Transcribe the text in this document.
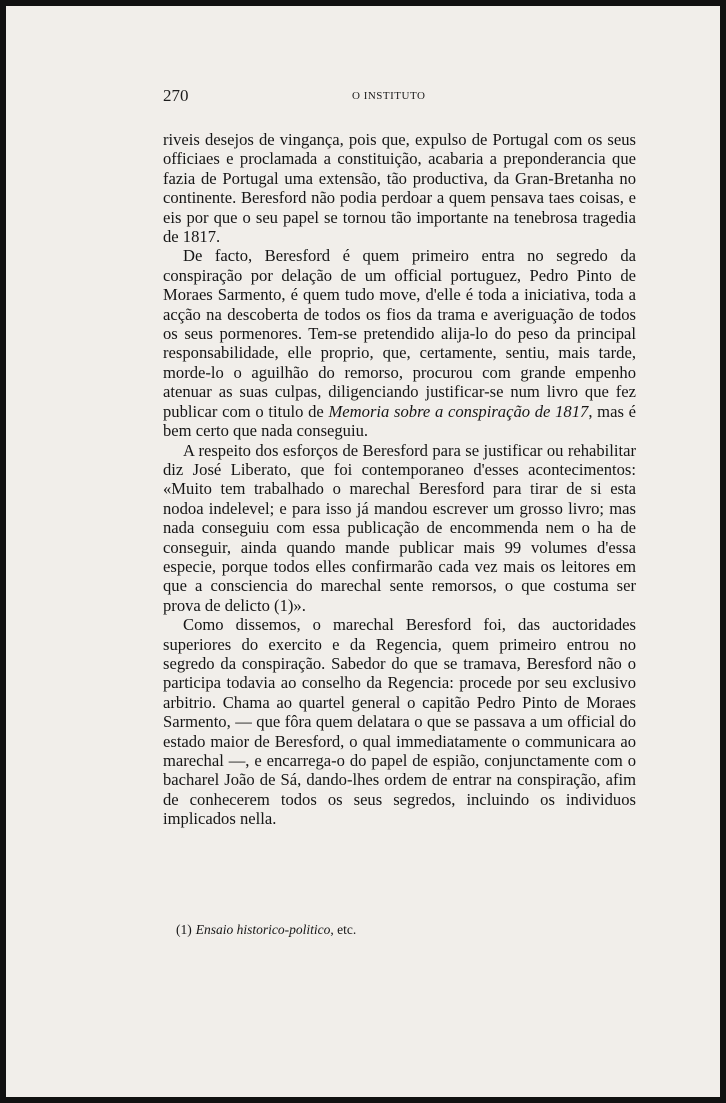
270	O INSTITUTO

riveis desejos de vingança, pois que, expulso de Portugal com os seus officiaes e proclamada a constituição, acabaria a preponderancia que fazia de Portugal uma extensão, tão productiva, da Gran-Bretanha no continente. Beresford não podia perdoar a quem pensava taes coisas, e eis por que o seu papel se tornou tão importante na tenebrosa tragedia de 1817.

De facto, Beresford é quem primeiro entra no segredo da conspiração por delação de um official portuguez, Pedro Pinto de Moraes Sarmento, é quem tudo move, d'elle é toda a iniciativa, toda a acção na descoberta de todos os fios da trama e averiguação de todos os seus pormenores. Tem-se pretendido alija-lo do peso da principal responsabilidade, elle proprio, que, certamente, sentiu, mais tarde, morde-lo o aguilhão do remorso, procurou com grande empenho atenuar as suas culpas, diligenciando justificar-se num livro que fez publicar com o titulo de Memoria sobre a conspiração de 1817, mas é bem certo que nada conseguiu.

A respeito dos esforços de Beresford para se justificar ou rehabilitar diz José Liberato, que foi contemporaneo d'esses acontecimentos: «Muito tem trabalhado o marechal Beresford para tirar de si esta nodoa indelevel; e para isso já mandou escrever um grosso livro; mas nada conseguiu com essa publicação de encommenda nem o ha de conseguir, ainda quando mande publicar mais 99 volumes d'essa especie, porque todos elles confirmarão cada vez mais os leitores em que a consciencia do marechal sente remorsos, o que costuma ser prova de delicto (1)».

Como dissemos, o marechal Beresford foi, das auctoridades superiores do exercito e da Regencia, quem primeiro entrou no segredo da conspiração. Sabedor do que se tramava, Beresford não o participa todavia ao conselho da Regencia: procede por seu exclusivo arbitrio. Chama ao quartel general o capitão Pedro Pinto de Moraes Sarmento, — que fôra quem delatara o que se passava a um official do estado maior de Beresford, o qual immediatamente o communicara ao marechal —, e encarrega-o do papel de espião, conjunctamente com o bacharel João de Sá, dando-lhes ordem de entrar na conspiração, afim de conhecerem todos os seus segredos, incluindo os individuos implicados nella.

(1) Ensaio historico-politico, etc.
